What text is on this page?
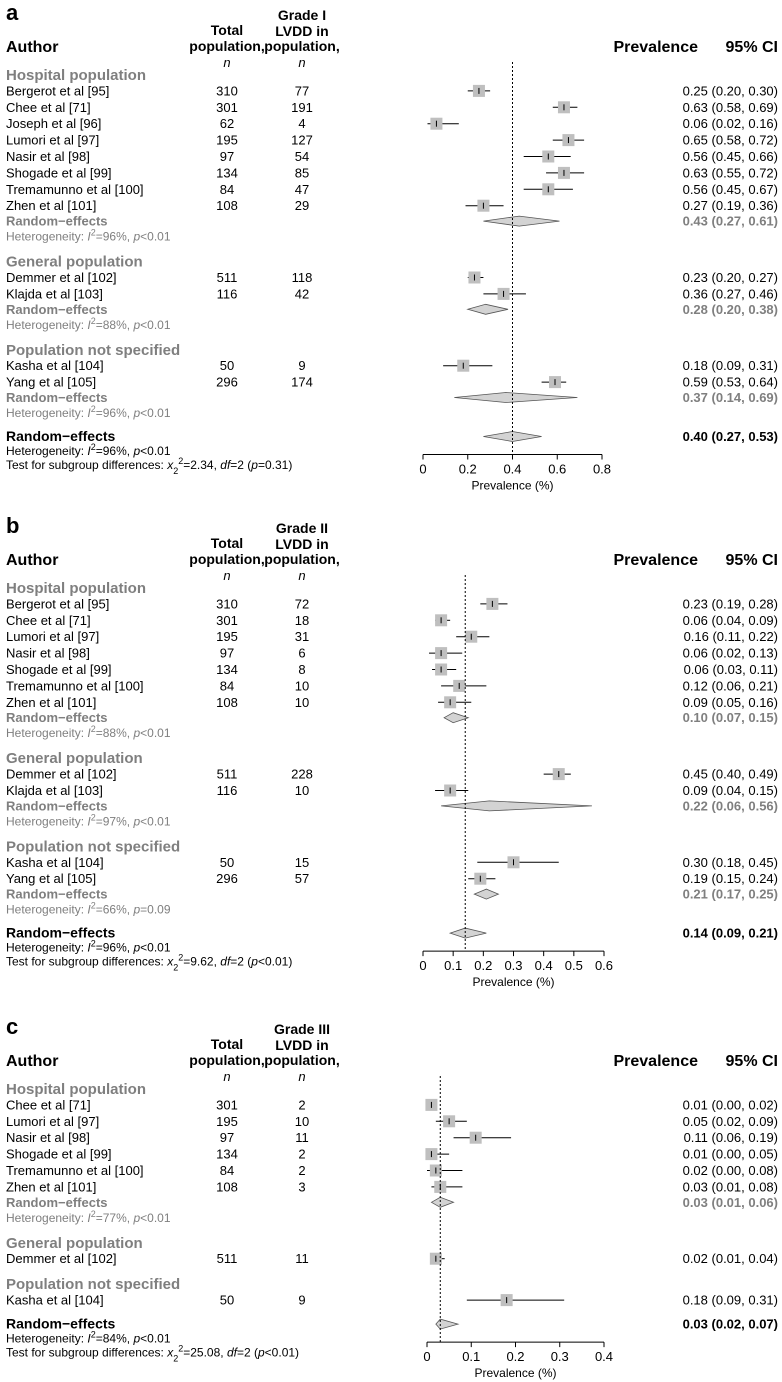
a
Author
Total
population,
n
Grade I
LVDD in
population,
n
Prevalence 95% CI
Hospital population
Bergerot et al [95]	310	77	0.25 (0.20, 0.30)
Chee et al [71]	301	191	0.63 (0.58, 0.69)
Joseph et al [96]	62	4	0.06 (0.02, 0.16)
Lumori et al [97]	195	127	0.65 (0.58, 0.72)
Nasir et al [98]	97	54	0.56 (0.45, 0.66)
Shogade et al [99]	134	85	0.63 (0.55, 0.72)
Tremamunno et al [100]	84	47	0.56 (0.45, 0.67)
Zhen et al [101]	108	29	0.27 (0.19, 0.36)
Random−effects	0.43 (0.27, 0.61)
Heterogeneity: $I^2=96\%$, p<0.01
General population
Demmer et al [102]	511	118	0.23 (0.20, 0.27)
Klajda et al [103]	116	42	0.36 (0.27, 0.46)
Random−effects	0.28 (0.20, 0.38)
Heterogeneity: $I^2=88\%$, p<0.01
Population not specified
Kasha et al [104]	50	9	0.18 (0.09, 0.31)
Yang et al [105]	296	174	0.59 (0.53, 0.64)
Random−effects	0.37 (0.14, 0.69)
Heterogeneity: $I^2=96\%$, p<0.01
Random−effects	0.40 (0.27, 0.53)
Heterogeneity: $I^2=96\%$, p<0.01
Test for subgroup differences: $x_2^2=2.34$, df=2 (p=0.31)	0 0.2 0.4 0.6 0.8
Prevalence (%)
b
Author
Total
population,
n
Grade II
LVDD in
population,
n
Prevalence 95% CI
Hospital population
Bergerot et al [95]	310	72	0.23 (0.19, 0.28)
Chee et al [71]	301	18	0.06 (0.04, 0.09)
Lumori et al [97]	195	31	0.16 (0.11, 0.22)
Nasir et al [98]	97	6	0.06 (0.02, 0.13)
Shogade et al [99]	134	8	0.06 (0.03, 0.11)
Tremamunno et al [100]	84	10	0.12 (0.06, 0.21)
Zhen et al [101]	108	10	0.09 (0.05, 0.16)
Random−effects	0.10 (0.07, 0.15)
Heterogeneity: $I^2=88\%$, p<0.01
General population
Demmer et al [102]	511	228	0.45 (0.40, 0.49)
Klajda et al [103]	116	10	0.09 (0.04, 0.15)
Random−effects	0.22 (0.06, 0.56)
Heterogeneity: $I^2=97\%$, p<0.01
Population not specified
Kasha et al [104]	50	15	0.30 (0.18, 0.45)
Yang et al [105]	296	57	0.19 (0.15, 0.24)
Random−effects	0.21 (0.17, 0.25)
Heterogeneity: $I^2=66\%$, p=0.09
Random−effects	0.14 (0.09, 0.21)
Heterogeneity: $I^2=96\%$, p<0.01
Test for subgroup differences: $x_2^2=9.62$, df=2 (p<0.01)	0 0.1 0.2 0.3 0.4 0.5 0.6
Prevalence (%)
c
Author
Total
population,
n
Grade III
LVDD in
population,
n
Prevalence 95% CI
Hospital population
Chee et al [71]	301	2	0.01 (0.00, 0.02)
Lumori et al [97]	195	10	0.05 (0.02, 0.09)
Nasir et al [98]	97	11	0.11 (0.06, 0.19)
Shogade et al [99]	134	2	0.01 (0.00, 0.05)
Tremamunno et al [100]	84	2	0.02 (0.00, 0.08)
Zhen et al [101]	108	3	0.03 (0.01, 0.08)
Random−effects	0.03 (0.01, 0.06)
Heterogeneity: $I^2=77\%$, p<0.01
General population
Demmer et al [102]	511	11	0.02 (0.01, 0.04)
Population not specified
Kasha et al [104]	50	9	0.18 (0.09, 0.31)
Random−effects	0.03 (0.02, 0.07)
Heterogeneity: $I^2=84\%$, p<0.01
Test for subgroup differences: $x_2^2=25.08$, df=2 (p<0.01)	0 0.1 0.2 0.3 0.4
Prevalence (%)
